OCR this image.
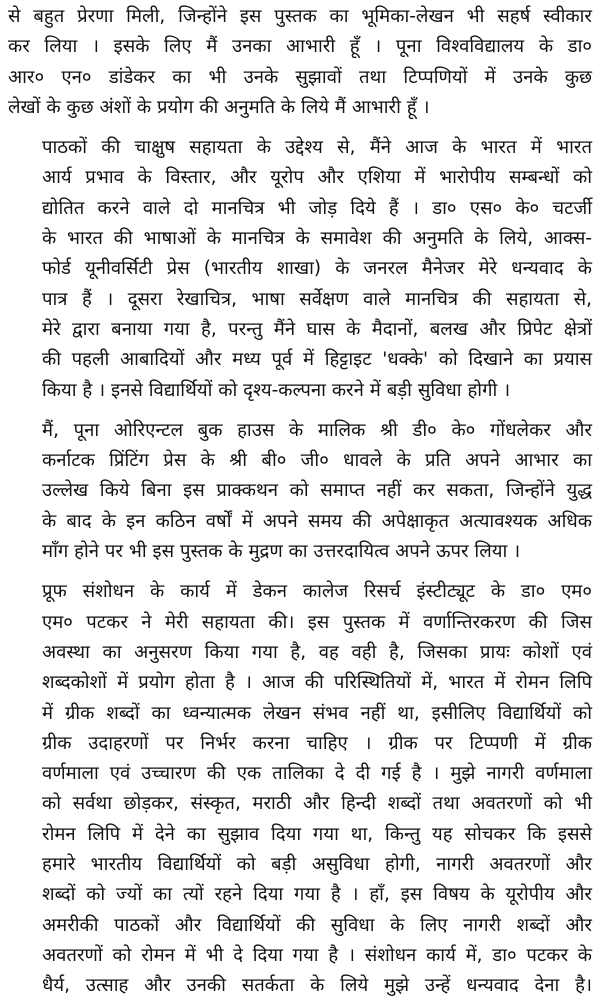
से बहुत प्रेरणा मिली, जिन्होंने इस पुस्तक का भूमिका-लेखन भी सहर्ष स्वीकार
कर लिया । इसके लिए मैं उनका आभारी हूँ । पूना विश्वविद्यालय के डा०
आर० एन० डांडेकर का भी उनके सुझावों तथा टिप्पणियों में उनके कुछ
लेखों के कुछ अंशों के प्रयोग की अनुमति के लिये मैं आभारी हूँ ।

पाठकों की चाक्षुष सहायता के उद्देश्य से, मैंने आज के भारत में भारत
आर्य प्रभाव के विस्तार, और यूरोप और एशिया में भारोपीय सम्बन्धों को
द्योतित करने वाले दो मानचित्र भी जोड़ दिये हैं । डा० एस० के० चटर्जी
के भारत की भाषाओं के मानचित्र के समावेश की अनुमति के लिये, आक्स-
फोर्ड यूनीवर्सिटी प्रेस (भारतीय शाखा) के जनरल मैनेजर मेरे धन्यवाद के
पात्र हैं । दूसरा रेखाचित्र, भाषा सर्वेक्षण वाले मानचित्र की सहायता से,
मेरे द्वारा बनाया गया है, परन्तु मैंने घास के मैदानों, बलख और प्रिपेट क्षेत्रों
की पहली आबादियों और मध्य पूर्व में हिट्टाइट 'धक्के' को दिखाने का प्रयास
किया है । इनसे विद्यार्थियों को दृश्य-कल्पना करने में बड़ी सुविधा होगी ।

मैं, पूना ओरिएन्टल बुक हाउस के मालिक श्री डी० के० गोंधलेकर और
कर्नाटक प्रिंटिंग प्रेस के श्री बी० जी० धावले के प्रति अपने आभार का
उल्लेख किये बिना इस प्राक्कथन को समाप्त नहीं कर सकता, जिन्होंने युद्ध
के बाद के इन कठिन वर्षों में अपने समय की अपेक्षाकृत अत्यावश्यक अधिक
माँग होने पर भी इस पुस्तक के मुद्रण का उत्तरदायित्व अपने ऊपर लिया ।

प्रूफ संशोधन के कार्य में डेकन कालेज रिसर्च इंस्टीट्यूट के डा० एम०
एम० पटकर ने मेरी सहायता की। इस पुस्तक में वर्णान्तिरकरण की जिस
अवस्था का अनुसरण किया गया है, वह वही है, जिसका प्रायः कोशों एवं
शब्दकोशों में प्रयोग होता है । आज की परिस्थितियों में, भारत में रोमन लिपि
में ग्रीक शब्दों का ध्वन्यात्मक लेखन संभव नहीं था, इसीलिए विद्यार्थियों को
ग्रीक उदाहरणों पर निर्भर करना चाहिए । ग्रीक पर टिप्पणी में ग्रीक
वर्णमाला एवं उच्चारण की एक तालिका दे दी गई है । मुझे नागरी वर्णमाला
को सर्वथा छोड़कर, संस्कृत, मराठी और हिन्दी शब्दों तथा अवतरणों को भी
रोमन लिपि में देने का सुझाव दिया गया था, किन्तु यह सोचकर कि इससे
हमारे भारतीय विद्यार्थियों को बड़ी असुविधा होगी, नागरी अवतरणों और
शब्दों को ज्यों का त्यों रहने दिया गया है । हाँ, इस विषय के यूरोपीय और
अमरीकी पाठकों और विद्यार्थियों की सुविधा के लिए नागरी शब्दों और
अवतरणों को रोमन में भी दे दिया गया है । संशोधन कार्य में, डा० पटकर के
धैर्य, उत्साह और उनकी सतर्कता के लिये मुझे उन्हें धन्यवाद देना है।
